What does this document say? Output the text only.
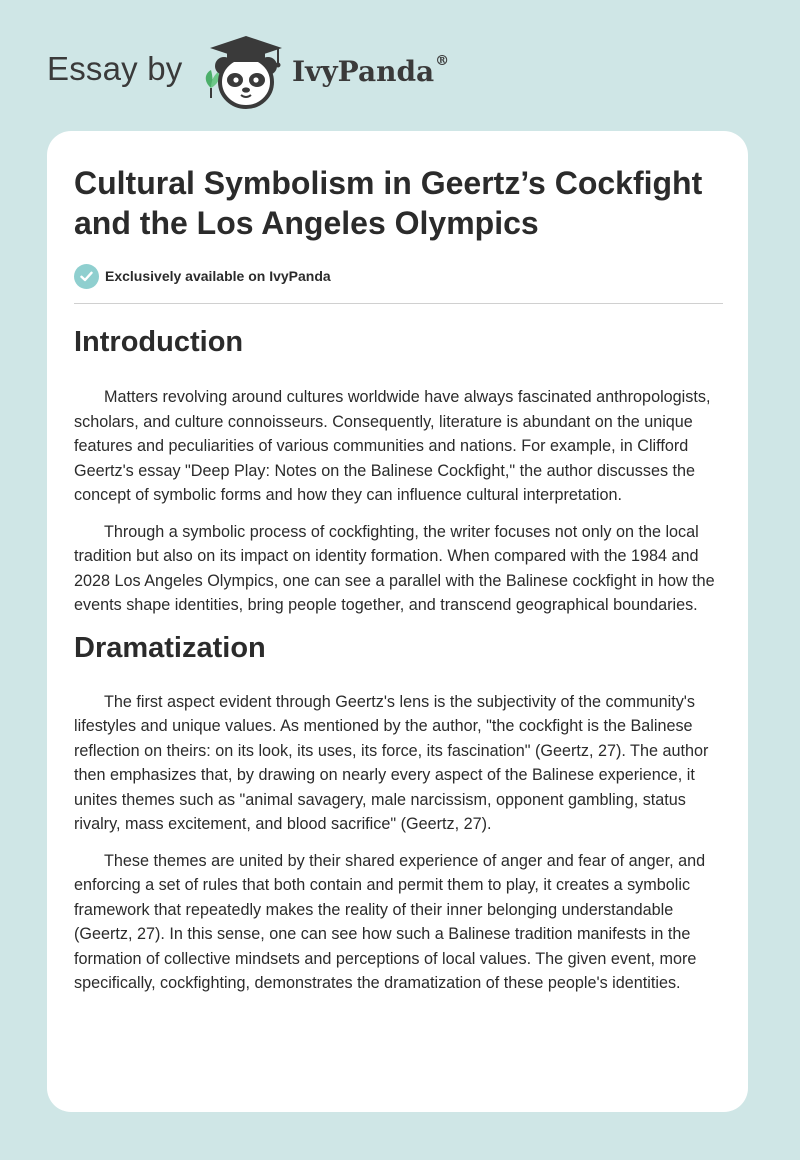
Essay by	IvyPanda®
Cultural Symbolism in Geertz’s Cockfight and the Los Angeles Olympics
Exclusively available on IvyPanda
Introduction

Matters revolving around cultures worldwide have always fascinated anthropologists, scholars, and culture connoisseurs. Consequently, literature is abundant on the unique features and peculiarities of various communities and nations. For example, in Clifford Geertz's essay "Deep Play: Notes on the Balinese Cockfight," the author discusses the concept of symbolic forms and how they can influence cultural interpretation.

Through a symbolic process of cockfighting, the writer focuses not only on the local tradition but also on its impact on identity formation. When compared with the 1984 and 2028 Los Angeles Olympics, one can see a parallel with the Balinese cockfight in how the events shape identities, bring people together, and transcend geographical boundaries.

Dramatization

The first aspect evident through Geertz's lens is the subjectivity of the community's lifestyles and unique values. As mentioned by the author, "the cockfight is the Balinese reflection on theirs: on its look, its uses, its force, its fascination" (Geertz, 27). The author then emphasizes that, by drawing on nearly every aspect of the Balinese experience, it unites themes such as "animal savagery, male narcissism, opponent gambling, status rivalry, mass excitement, and blood sacrifice" (Geertz, 27).

These themes are united by their shared experience of anger and fear of anger, and enforcing a set of rules that both contain and permit them to play, it creates a symbolic framework that repeatedly makes the reality of their inner belonging understandable (Geertz, 27). In this sense, one can see how such a Balinese tradition manifests in the formation of collective mindsets and perceptions of local values. The given event, more specifically, cockfighting, demonstrates the dramatization of these people's identities.
